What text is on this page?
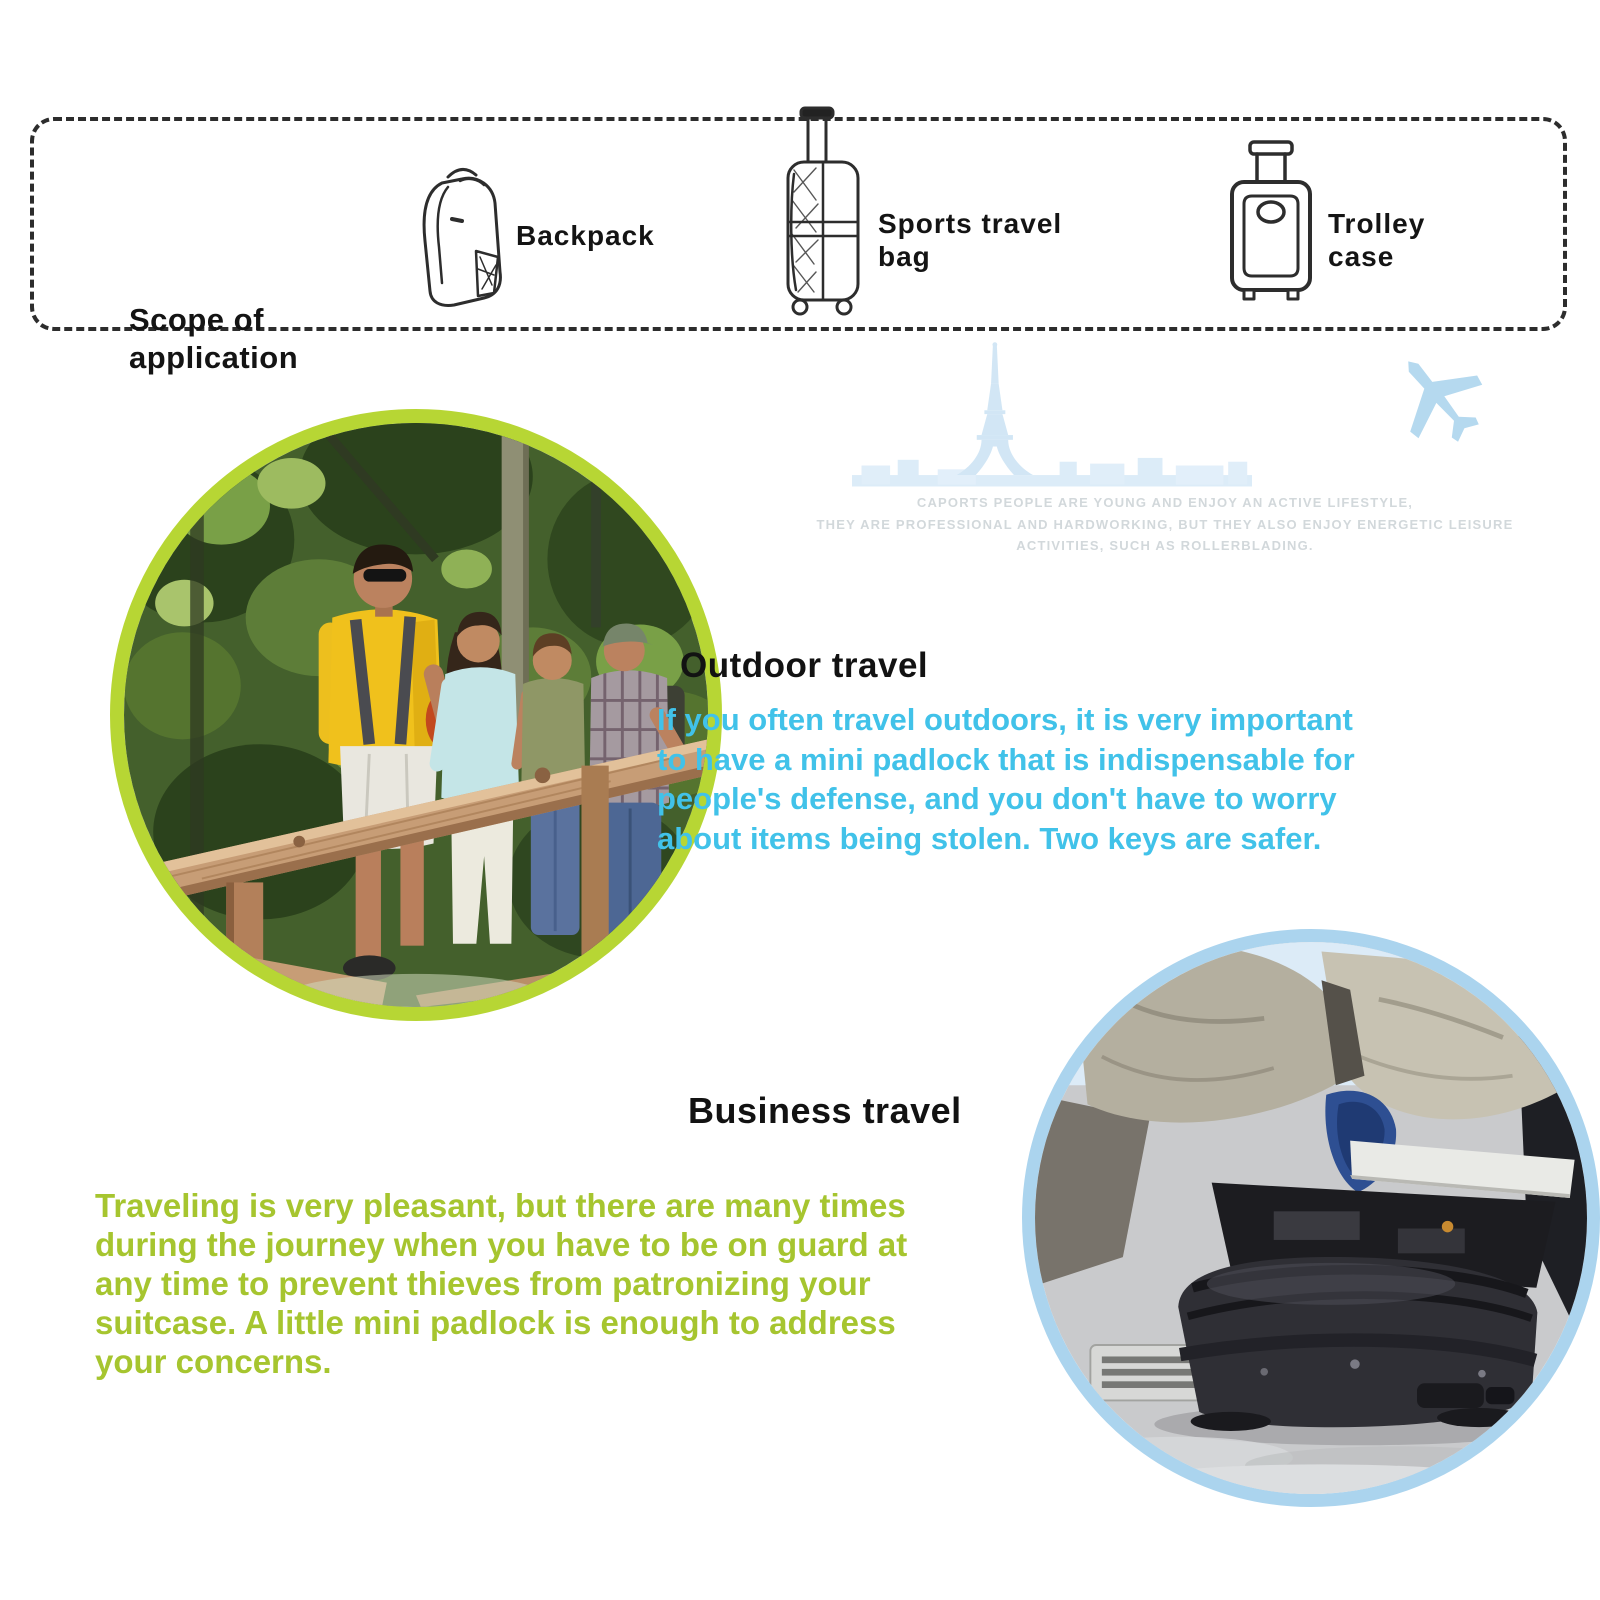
Scope of
application

Backpack	Sports travel
bag

Trolley
case

CAPORTS PEOPLE ARE YOUNG AND ENJOY AN ACTIVE LIFESTYLE,
THEY ARE PROFESSIONAL AND HARDWORKING, BUT THEY ALSO ENJOY ENERGETIC LEISURE
ACTIVITIES, SUCH AS ROLLERBLADING.
Outdoor travel
If you often travel outdoors, it is very important
to have a mini padlock that is indispensable for
people's defense, and you don't have to worry
about items being stolen. Two keys are safer.
Business travel
Traveling is very pleasant, but there are many times
during the journey when you have to be on guard at
any time to prevent thieves from patronizing your
suitcase. A little mini padlock is enough to address
your concerns.
